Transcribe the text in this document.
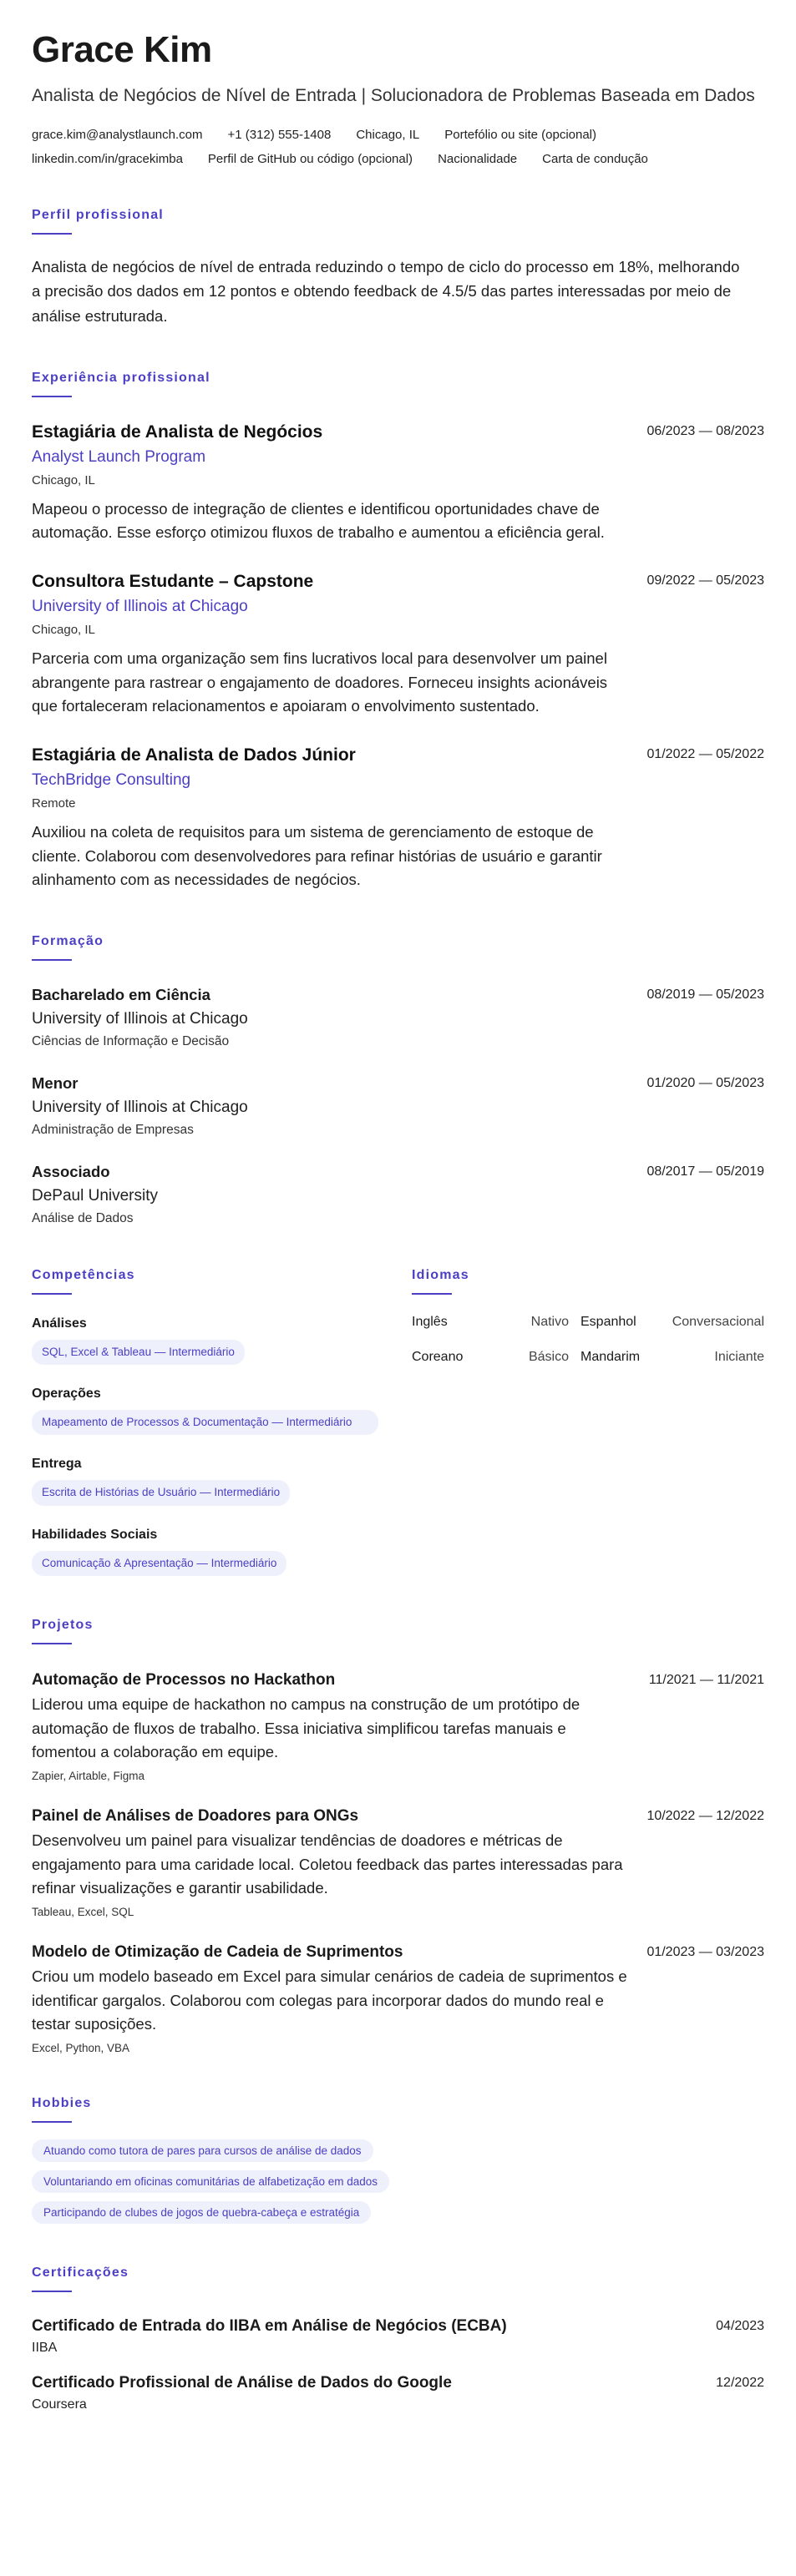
Grace Kim
Analista de Negócios de Nível de Entrada | Solucionadora de Problemas Baseada em Dados
grace.kim@analystlaunch.com +1 (312) 555-1408 Chicago, IL Portefólio ou site (opcional)
linkedin.com/in/gracekimba Perfil de GitHub ou código (opcional) Nacionalidade Carta de condução
Perfil profissional

Analista de negócios de nível de entrada reduzindo o tempo de ciclo do processo em 18%, melhorando a precisão dos dados em 12 pontos e obtendo feedback de 4.5/5 das partes interessadas por meio de análise estruturada.

Experiência profissional
06/2023 — 08/2023
Estagiária de Analista de Negócios
Analyst Launch Program
Chicago, IL

Mapeou o processo de integração de clientes e identificou oportunidades chave de automação. Esse esforço otimizou fluxos de trabalho e aumentou a eficiência geral.

09/2022 — 05/2023
Consultora Estudante – Capstone
University of Illinois at Chicago
Chicago, IL

Parceria com uma organização sem fins lucrativos local para desenvolver um painel abrangente para rastrear o engajamento de doadores. Forneceu insights acionáveis que fortaleceram relacionamentos e apoiaram o envolvimento sustentado.

01/2022 — 05/2022
Estagiária de Analista de Dados Júnior
TechBridge Consulting
Remote

Auxiliou na coleta de requisitos para um sistema de gerenciamento de estoque de cliente. Colaborou com desenvolvedores para refinar histórias de usuário e garantir alinhamento com as necessidades de negócios.

Formação
08/2019 — 05/2023
Bacharelado em Ciência
University of Illinois at Chicago
Ciências de Informação e Decisão
01/2020 — 05/2023
Menor
University of Illinois at Chicago
Administração de Empresas
08/2017 — 05/2019
Associado
DePaul University
Análise de Dados
Competências
Análises
SQL, Excel & Tableau — Intermediário
Operações
Mapeamento de Processos & Documentação — Intermediário
Entrega
Escrita de Histórias de Usuário — Intermediário
Habilidades Sociais
Comunicação & Apresentação — Intermediário
Idiomas
Inglês	Nativo Espanhol	Conversacional
Coreano	Básico Mandarim	Iniciante
Projetos
11/2021 — 11/2021
Automação de Processos no Hackathon

Liderou uma equipe de hackathon no campus na construção de um protótipo de automação de fluxos de trabalho. Essa iniciativa simplificou tarefas manuais e fomentou a colaboração em equipe.

Zapier, Airtable, Figma
10/2022 — 12/2022
Painel de Análises de Doadores para ONGs

Desenvolveu um painel para visualizar tendências de doadores e métricas de engajamento para uma caridade local. Coletou feedback das partes interessadas para refinar visualizações e garantir usabilidade.

Tableau, Excel, SQL
01/2023 — 03/2023
Modelo de Otimização de Cadeia de Suprimentos

Criou um modelo baseado em Excel para simular cenários de cadeia de suprimentos e identificar gargalos. Colaborou com colegas para incorporar dados do mundo real e testar suposições.

Excel, Python, VBA
Hobbies
Atuando como tutora de pares para cursos de análise de dados
Voluntariando em oficinas comunitárias de alfabetização em dados
Participando de clubes de jogos de quebra-cabeça e estratégia
Certificações
04/2023
Certificado de Entrada do IIBA em Análise de Negócios (ECBA)
IIBA
12/2022
Certificado Profissional de Análise de Dados do Google
Coursera
